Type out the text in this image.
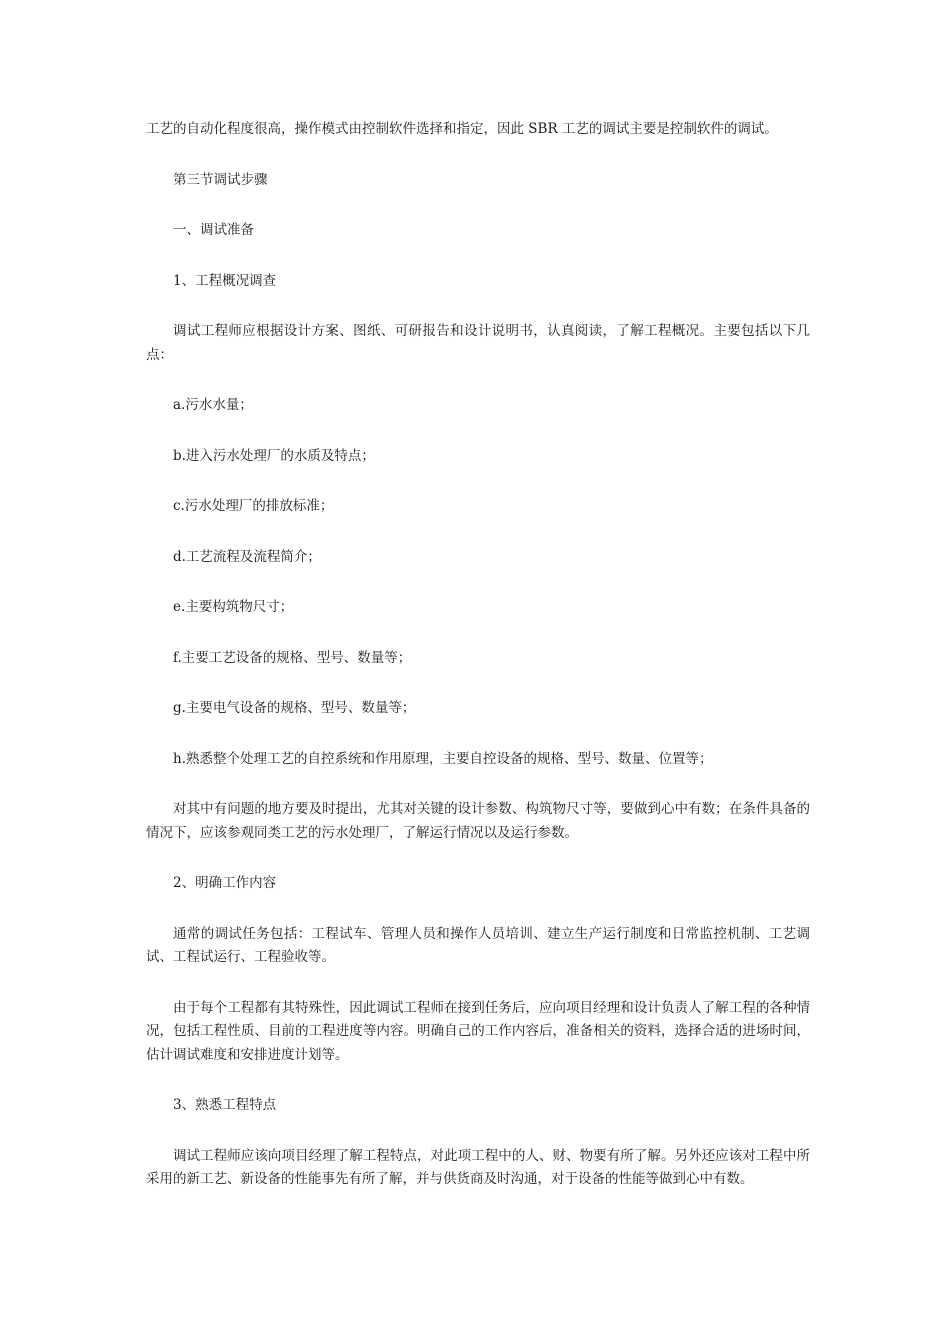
工艺的自动化程度很高，操作模式由控制软件选择和指定，因此 SBR 工艺的调试主要是控制软件的调试。

第三节调试步骤

一、调试准备

1、工程概况调查

调试工程师应根据设计方案、图纸、可研报告和设计说明书，认真阅读，了解工程概况。主要包括以下几点：

a.污水水量；

b.进入污水处理厂的水质及特点；

c.污水处理厂的排放标准；

d.工艺流程及流程简介；

e.主要构筑物尺寸；

f.主要工艺设备的规格、型号、数量等；

g.主要电气设备的规格、型号、数量等；

h.熟悉整个处理工艺的自控系统和作用原理，主要自控设备的规格、型号、数量、位置等；

对其中有问题的地方要及时提出，尤其对关键的设计参数、构筑物尺寸等，要做到心中有数；在条件具备的情况下，应该参观同类工艺的污水处理厂，了解运行情况以及运行参数。

2、明确工作内容

通常的调试任务包括：工程试车、管理人员和操作人员培训、建立生产运行制度和日常监控机制、工艺调试、工程试运行、工程验收等。

由于每个工程都有其特殊性，因此调试工程师在接到任务后，应向项目经理和设计负责人了解工程的各种情况，包括工程性质、目前的工程进度等内容。明确自己的工作内容后，准备相关的资料，选择合适的进场时间，估计调试难度和安排进度计划等。

3、熟悉工程特点

调试工程师应该向项目经理了解工程特点，对此项工程中的人、财、物要有所了解。另外还应该对工程中所采用的新工艺、新设备的性能事先有所了解，并与供货商及时沟通，对于设备的性能等做到心中有数。
